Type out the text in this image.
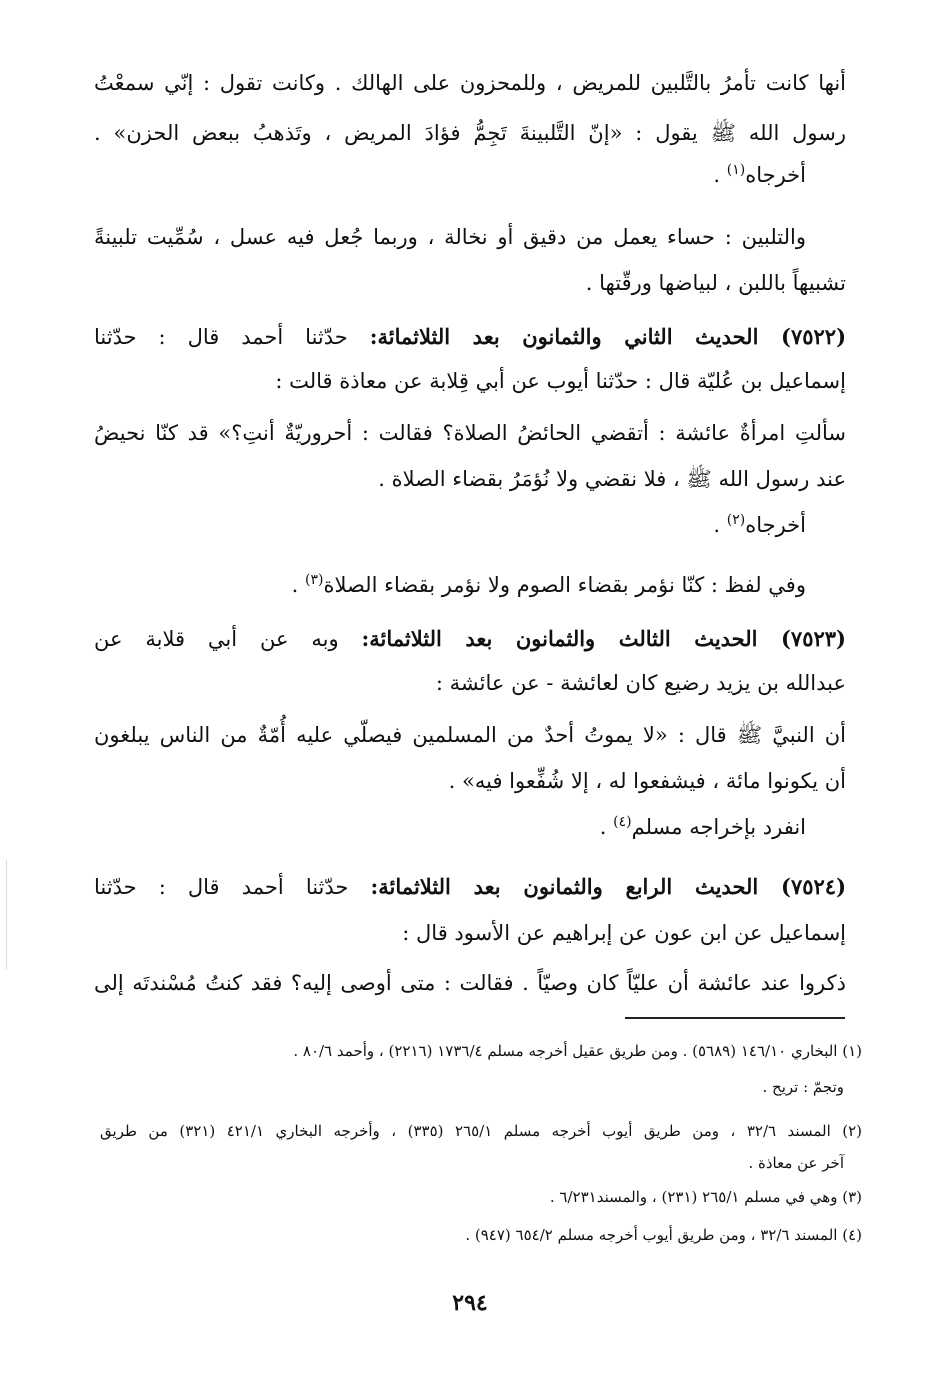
أنها كانت تأمرُ بالتَّلبين للمريض ، وللمحزون على الهالك . وكانت تقول : إنّي سمعْتُ
رسول الله ﷺ يقول : «إنّ التَّلبينةَ تَجِمُّ فؤادَ المريض ، وتَذهبُ ببعض الحزن» .
أخرجاه$^{(١)}$ .
والتلبين : حساء يعمل من دقيق أو نخالة ، وربما جُعل فيه عسل ، سُمِّيت تلبينةً
تشبيهاً باللبن ، لبياضها ورقّتها .
(٧٥٢٢) الحديث الثاني والثمانون بعد الثلاثمائة: حدّثنا أحمد قال : حدّثنا
إسماعيل بن عُليّة قال : حدّثنا أيوب عن أبي قِلابة عن معاذة قالت :
سألتِ امرأةٌ عائشة : أتقضي الحائضُ الصلاة؟ فقالت : أحروريّةٌ أنتِ؟» قد كنّا نحيضُ
عند رسول الله ﷺ ، فلا نقضي ولا نُؤمَرُ بقضاء الصلاة .
أخرجاه$^{(٢)}$ .
وفي لفظ : كنّا نؤمر بقضاء الصوم ولا نؤمر بقضاء الصلاة$^{(٣)}$ .
(٧٥٢٣) الحديث الثالث والثمانون بعد الثلاثمائة: وبه عن أبي قلابة عن
عبدالله بن يزيد رضيع كان لعائشة - عن عائشة :
أن النبيَّ ﷺ قال : «لا يموتُ أحدٌ من المسلمين فيصلّي عليه أُمّةٌ من الناس يبلغون
أن يكونوا مائة ، فيشفعوا له ، إلا شُفِّعوا فيه» .
انفرد بإخراجه مسلم$^{(٤)}$ .
(٧٥٢٤) الحديث الرابع والثمانون بعد الثلاثمائة: حدّثنا أحمد قال : حدّثنا
إسماعيل عن ابن عون عن إبراهيم عن الأسود قال :
ذكروا عند عائشة أن عليّاً كان وصيّاً . فقالت : متى أوصى إليه؟ فقد كنتُ مُسْندتَه إلى
(١) البخاري ١٤٦/١٠ (٥٦٨٩) . ومن طريق عقيل أخرجه مسلم ١٧٣٦/٤ (٢٢١٦) ، وأحمد ٨٠/٦ .
وتجمّ : تريح .
(٢) المسند ٣٢/٦ ، ومن طريق أيوب أخرجه مسلم ٢٦٥/١ (٣٣٥) ، وأخرجه البخاري ٤٢١/١ (٣٢١) من طريق
آخر عن معاذة .
(٣) وهي في مسلم ٢٦٥/١ (٢٣١) ، والمسند٦/٢٣١ .
(٤) المسند ٣٢/٦ ، ومن طريق أيوب أخرجه مسلم ٦٥٤/٢ (٩٤٧) .
٢٩٤
